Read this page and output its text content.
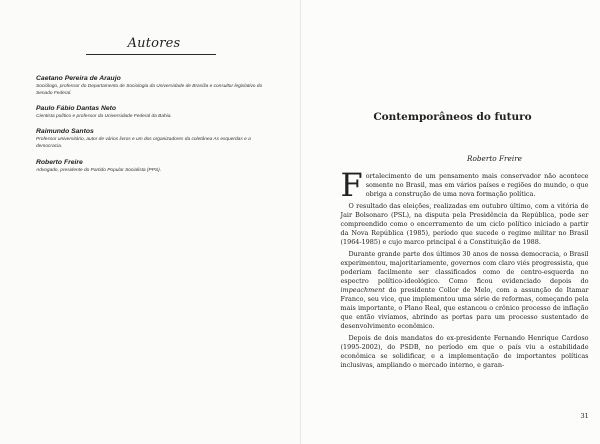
Autores
Caetano Pereira de Araujo
Sociólogo, professor do Departamento de Sociologia da Universidade de Brasília e consultor legislativo do Senado Federal.
Paulo Fábio Dantas Neto
Cientista político e professor da Universidade Federal da Bahia.
Raimundo Santos
Professor universitário, autor de vários livros e um dos organizadores da coletânea As esquerdas e a democracia.
Roberto Freire
Advogado, presidente do Partido Popular Socialista (PPS).
Contemporâneos do futuro
Roberto Freire

Fortalecimento de um pensamento mais conservador não acontece somente no Brasil, mas em vários países e regiões do mundo, o que obriga a construção de uma nova formação política.

O resultado das eleições, realizadas em outubro último, com a vitória de Jair Bolsonaro (PSL), na disputa pela Presidência da República, pode ser compreendido como o encerramento de um ciclo político iniciado a partir da Nova República (1985), período que sucede o regime militar no Brasil (1964-1985) e cujo marco principal é a Constituição de 1988.

Durante grande parte dos últimos 30 anos de nossa democracia, o Brasil experimentou, majoritariamente, governos com claro viés progressista, que poderiam facilmente ser classificados como de centro-esquerda no espectro político-ideológico. Como ficou evidenciado depois do impeachment do presidente Collor de Melo, com a assunção de Itamar Franco, seu vice, que implementou uma série de reformas, começando pela mais importante, o Plano Real, que estancou o crônico processo de inflação que então vivíamos, abrindo as portas para um processo sustentado de desenvolvimento econômico.

Depois de dois mandatos do ex-presidente Fernando Henrique Cardoso (1995-2002), do PSDB, no período em que o país viu a estabilidade econômica se solidificar, e a implementação de importantes políticas inclusivas, ampliando o mercado interno, e garan-

31
